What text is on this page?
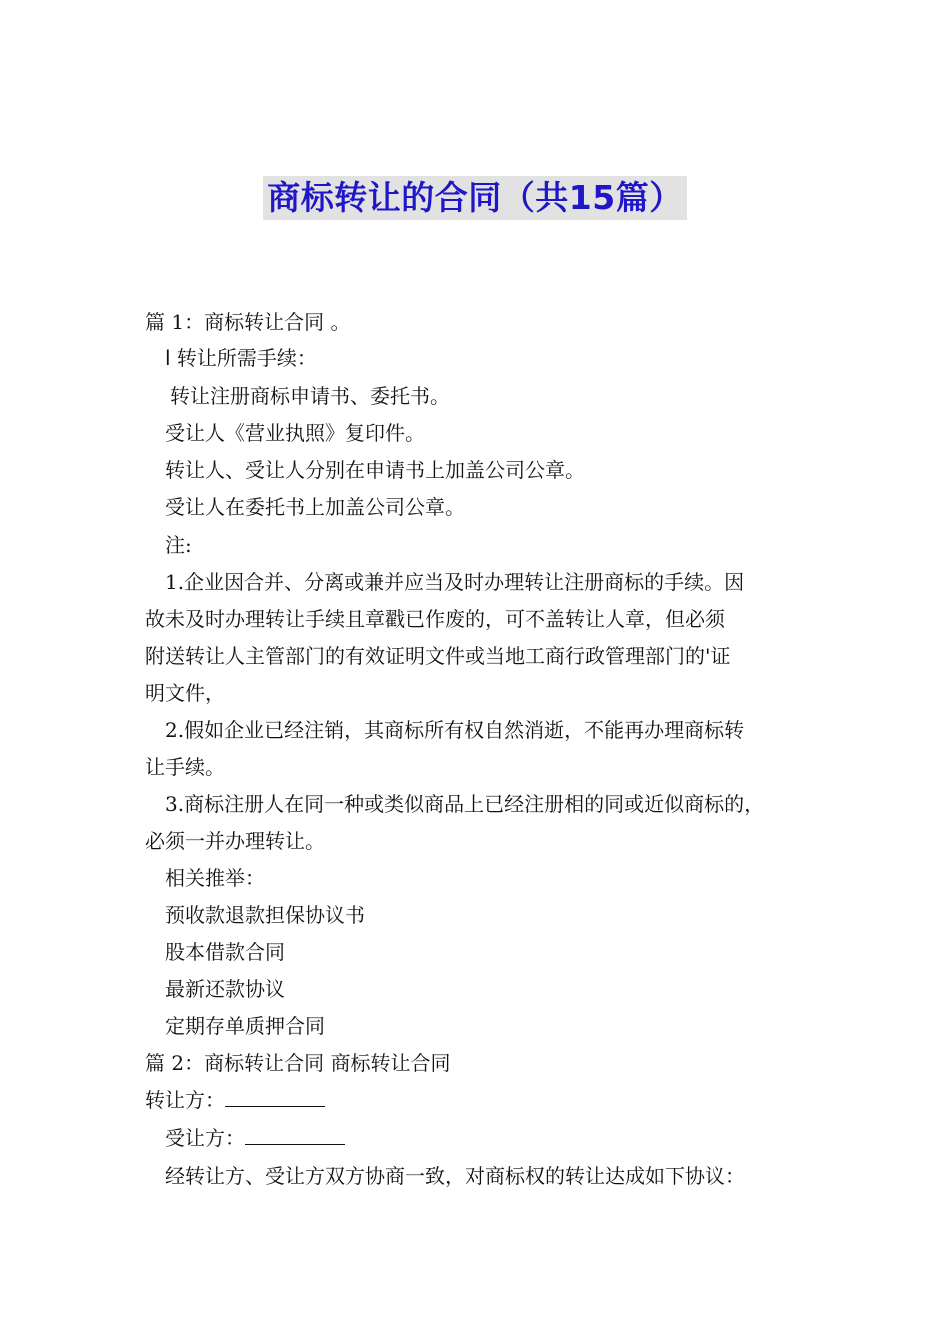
商标转让的合同（共15篇）
篇 1：商标转让合同 。
l 转让所需手续：
转让注册商标申请书、委托书。
受让人《营业执照》复印件。
转让人、受让人分别在申请书上加盖公司公章。
受让人在委托书上加盖公司公章。
注:
1.企业因合并、分离或兼并应当及时办理转让注册商标的手续。因
故未及时办理转让手续且章戳已作废的，可不盖转让人章，但必须
附送转让人主管部门的有效证明文件或当地工商行政管理部门的'证
明文件，
2.假如企业已经注销，其商标所有权自然消逝，不能再办理商标转
让手续。
3.商标注册人在同一种或类似商品上已经注册相的同或近似商标的，
必须一并办理转让。
相关推举：
预收款退款担保协议书
股本借款合同
最新还款协议
定期存单质押合同
篇 2：商标转让合同 商标转让合同
转让方：
受让方：
经转让方、受让方双方协商一致，对商标权的转让达成如下协议：
